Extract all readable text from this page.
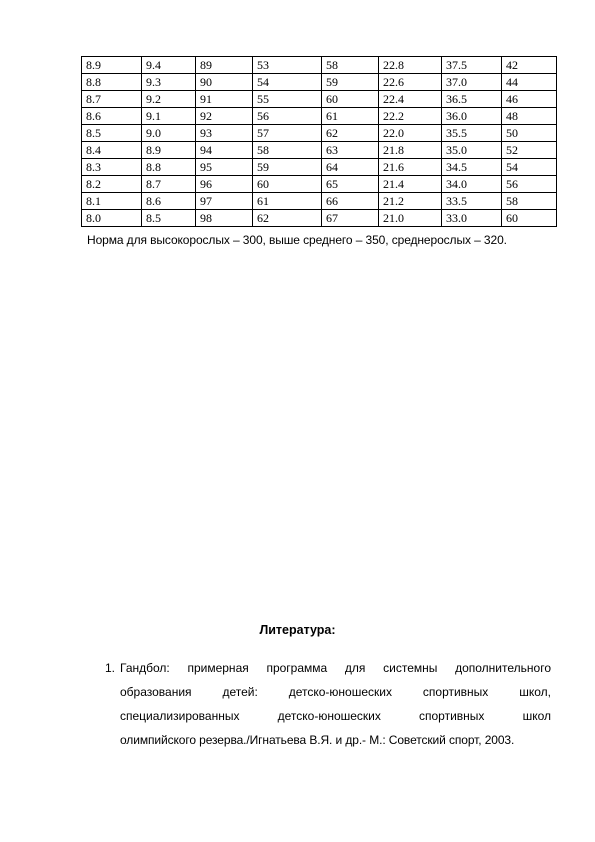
8.9	9.4	89	53	58	22.8	37.5	42
8.8	9.3	90	54	59	22.6	37.0	44
8.7	9.2	91	55	60	22.4	36.5	46
8.6	9.1	92	56	61	22.2	36.0	48
8.5	9.0	93	57	62	22.0	35.5	50
8.4	8.9	94	58	63	21.8	35.0	52
8.3	8.8	95	59	64	21.6	34.5	54
8.2	8.7	96	60	65	21.4	34.0	56
8.1	8.6	97	61	66	21.2	33.5	58
8.0	8.5	98	62	67	21.0	33.0	60
Норма для высокорослых – 300, выше среднего – 350, среднерослых – 320.
Литература:
1. Гандбол: примерная программа для системны дополнительного
образования детей: детско-юношеских спортивных школ,
специализированных детско-юношеских спортивных школ
олимпийского резерва./Игнатьева В.Я. и др.- М.: Советский спорт, 2003.
